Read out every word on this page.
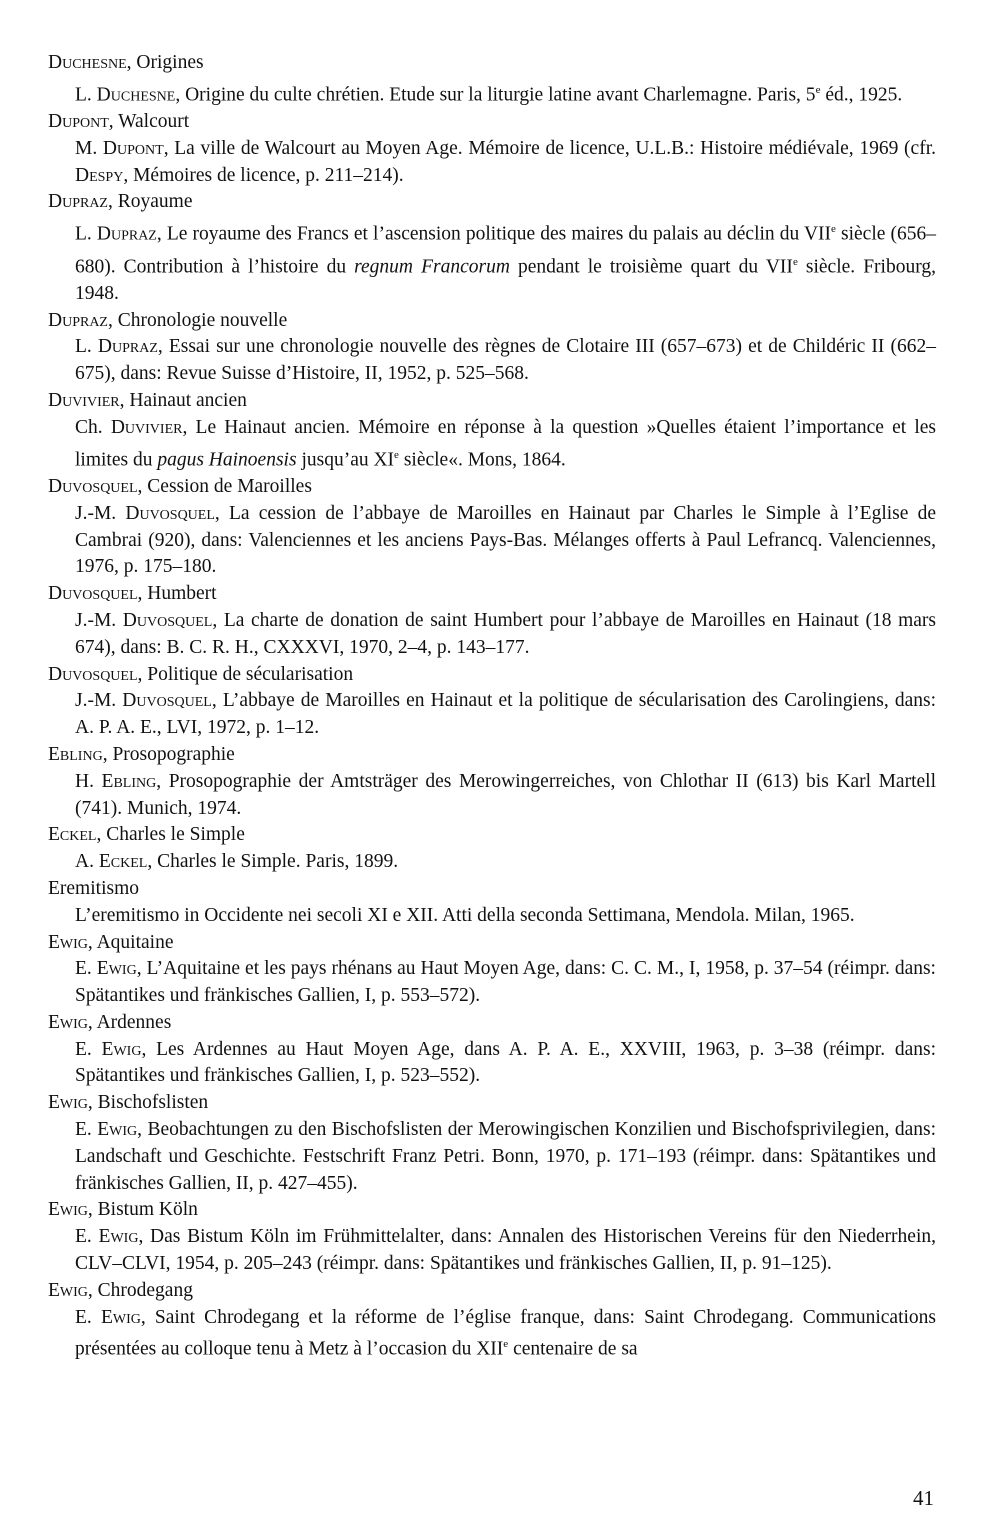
Duchesne, Origines

L. Duchesne, Origine du culte chrétien. Etude sur la liturgie latine avant Charlemagne. Paris, 5e éd., 1925.

Dupont, Walcourt

M. Dupont, La ville de Walcourt au Moyen Age. Mémoire de licence, U.L.B.: Histoire médiévale, 1969 (cfr. Despy, Mémoires de licence, p. 211–214).

Dupraz, Royaume

L. Dupraz, Le royaume des Francs et l’ascension politique des maires du palais au déclin du VIIe siècle (656–680). Contribution à l’histoire du regnum Francorum pendant le troisième quart du VIIe siècle. Fribourg, 1948.

Dupraz, Chronologie nouvelle

L. Dupraz, Essai sur une chronologie nouvelle des règnes de Clotaire III (657–673) et de Childéric II (662–675), dans: Revue Suisse d’Histoire, II, 1952, p. 525–568.

Duvivier, Hainaut ancien

Ch. Duvivier, Le Hainaut ancien. Mémoire en réponse à la question »Quelles étaient l’importance et les limites du pagus Hainoensis jusqu’au XIe siècle«. Mons, 1864.

Duvosquel, Cession de Maroilles

J.-M. Duvosquel, La cession de l’abbaye de Maroilles en Hainaut par Charles le Simple à l’Eglise de Cambrai (920), dans: Valenciennes et les anciens Pays-Bas. Mélanges offerts à Paul Lefrancq. Valenciennes, 1976, p. 175–180.

Duvosquel, Humbert

J.-M. Duvosquel, La charte de donation de saint Humbert pour l’abbaye de Maroilles en Hainaut (18 mars 674), dans: B. C. R. H., CXXXVI, 1970, 2–4, p. 143–177.

Duvosquel, Politique de sécularisation

J.-M. Duvosquel, L’abbaye de Maroilles en Hainaut et la politique de sécularisation des Carolingiens, dans: A. P. A. E., LVI, 1972, p. 1–12.

Ebling, Prosopographie

H. Ebling, Prosopographie der Amtsträger des Merowingerreiches, von Chlothar II (613) bis Karl Martell (741). Munich, 1974.

Eckel, Charles le Simple

A. Eckel, Charles le Simple. Paris, 1899.

Eremitismo

L’eremitismo in Occidente nei secoli XI e XII. Atti della seconda Settimana, Mendola. Milan, 1965.

Ewig, Aquitaine

E. Ewig, L’Aquitaine et les pays rhénans au Haut Moyen Age, dans: C. C. M., I, 1958, p. 37–54 (réimpr. dans: Spätantikes und fränkisches Gallien, I, p. 553–572).

Ewig, Ardennes

E. Ewig, Les Ardennes au Haut Moyen Age, dans A. P. A. E., XXVIII, 1963, p. 3–38 (réimpr. dans: Spätantikes und fränkisches Gallien, I, p. 523–552).

Ewig, Bischofslisten

E. Ewig, Beobachtungen zu den Bischofslisten der Merowingischen Konzilien und Bischofsprivilegien, dans: Landschaft und Geschichte. Festschrift Franz Petri. Bonn, 1970, p. 171–193 (réimpr. dans: Spätantikes und fränkisches Gallien, II, p. 427–455).

Ewig, Bistum Köln

E. Ewig, Das Bistum Köln im Frühmittelalter, dans: Annalen des Historischen Vereins für den Niederrhein, CLV–CLVI, 1954, p. 205–243 (réimpr. dans: Spätantikes und fränkisches Gallien, II, p. 91–125).

Ewig, Chrodegang

E. Ewig, Saint Chrodegang et la réforme de l’église franque, dans: Saint Chrodegang. Communications présentées au colloque tenu à Metz à l’occasion du XIIe centenaire de sa

41
